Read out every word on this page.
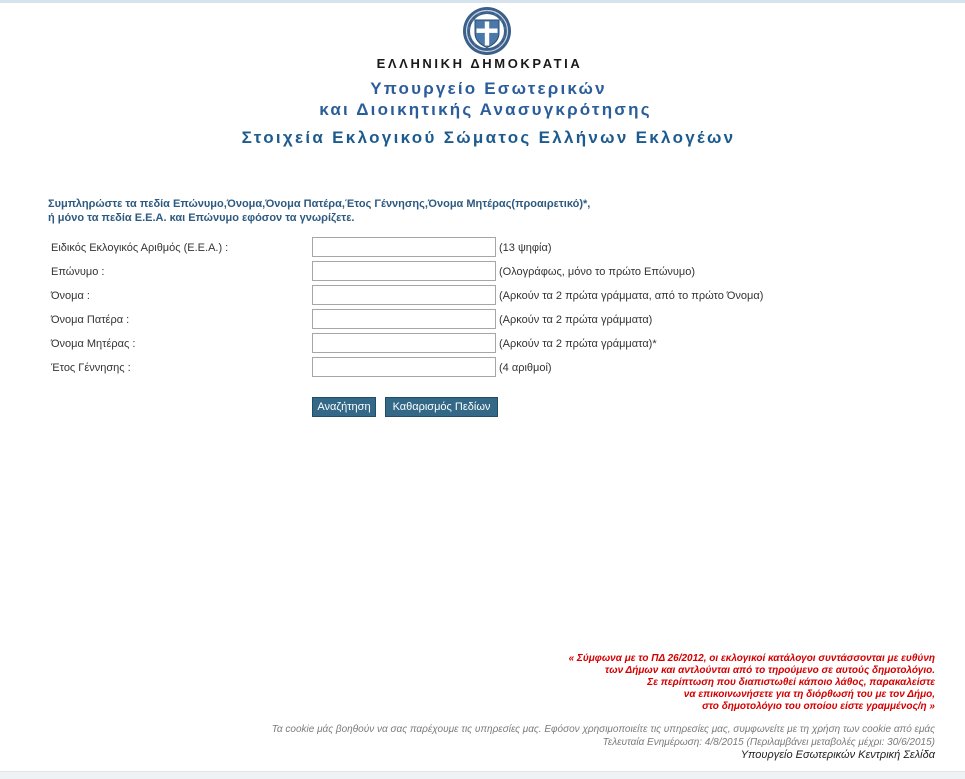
ΕΛΛΗΝΙΚΗ ΔΗΜΟΚΡΑΤΙΑ
Υπουργείο Εσωτερικών
και Διοικητικής Ανασυγκρότησης
Στοιχεία Εκλογικού Σώματος Ελλήνων Εκλογέων
Συμπληρώστε τα πεδία Επώνυμο,Όνομα,Όνομα Πατέρα,Έτος Γέννησης,Όνομα Μητέρας(προαιρετικό)*,
ή μόνο τα πεδία Ε.Ε.Α. και Επώνυμο εφόσον τα γνωρίζετε.
Ειδικός Εκλογικός Αριθμός (Ε.Ε.Α.) :	(13 ψηφία)
Επώνυμο :	(Ολογράφως, μόνο το πρώτο Επώνυμο)
Όνομα :	(Αρκούν τα 2 πρώτα γράμματα, από το πρώτο Όνομα)
Όνομα Πατέρα :	(Αρκούν τα 2 πρώτα γράμματα)
Όνομα Μητέρας :	(Αρκούν τα 2 πρώτα γράμματα)*
Έτος Γέννησης :	(4 αριθμοί)
Αναζήτηση	Καθαρισμός Πεδίων
« Σύμφωνα με το ΠΔ 26/2012, οι εκλογικοί κατάλογοι συντάσσονται με ευθύνη
των Δήμων και αντλούνται από το τηρούμενο σε αυτούς δημοτολόγιο.
Σε περίπτωση που διαπιστωθεί κάποιο λάθος, παρακαλείστε
να επικοινωνήσετε για τη διόρθωσή του με τον Δήμο,
στο δημοτολόγιο του οποίου είστε γραμμένος/η »
Τα cookie μάς βοηθούν να σας παρέχουμε τις υπηρεσίες μας. Εφόσον χρησιμοποιείτε τις υπηρεσίες μας, συμφωνείτε με τη χρήση των cookie από εμάς
Τελευταία Ενημέρωση: 4/8/2015 (Περιλαμβάνει μεταβολές μέχρι: 30/6/2015)
Υπουργείο Εσωτερικών Κεντρική Σελίδα
